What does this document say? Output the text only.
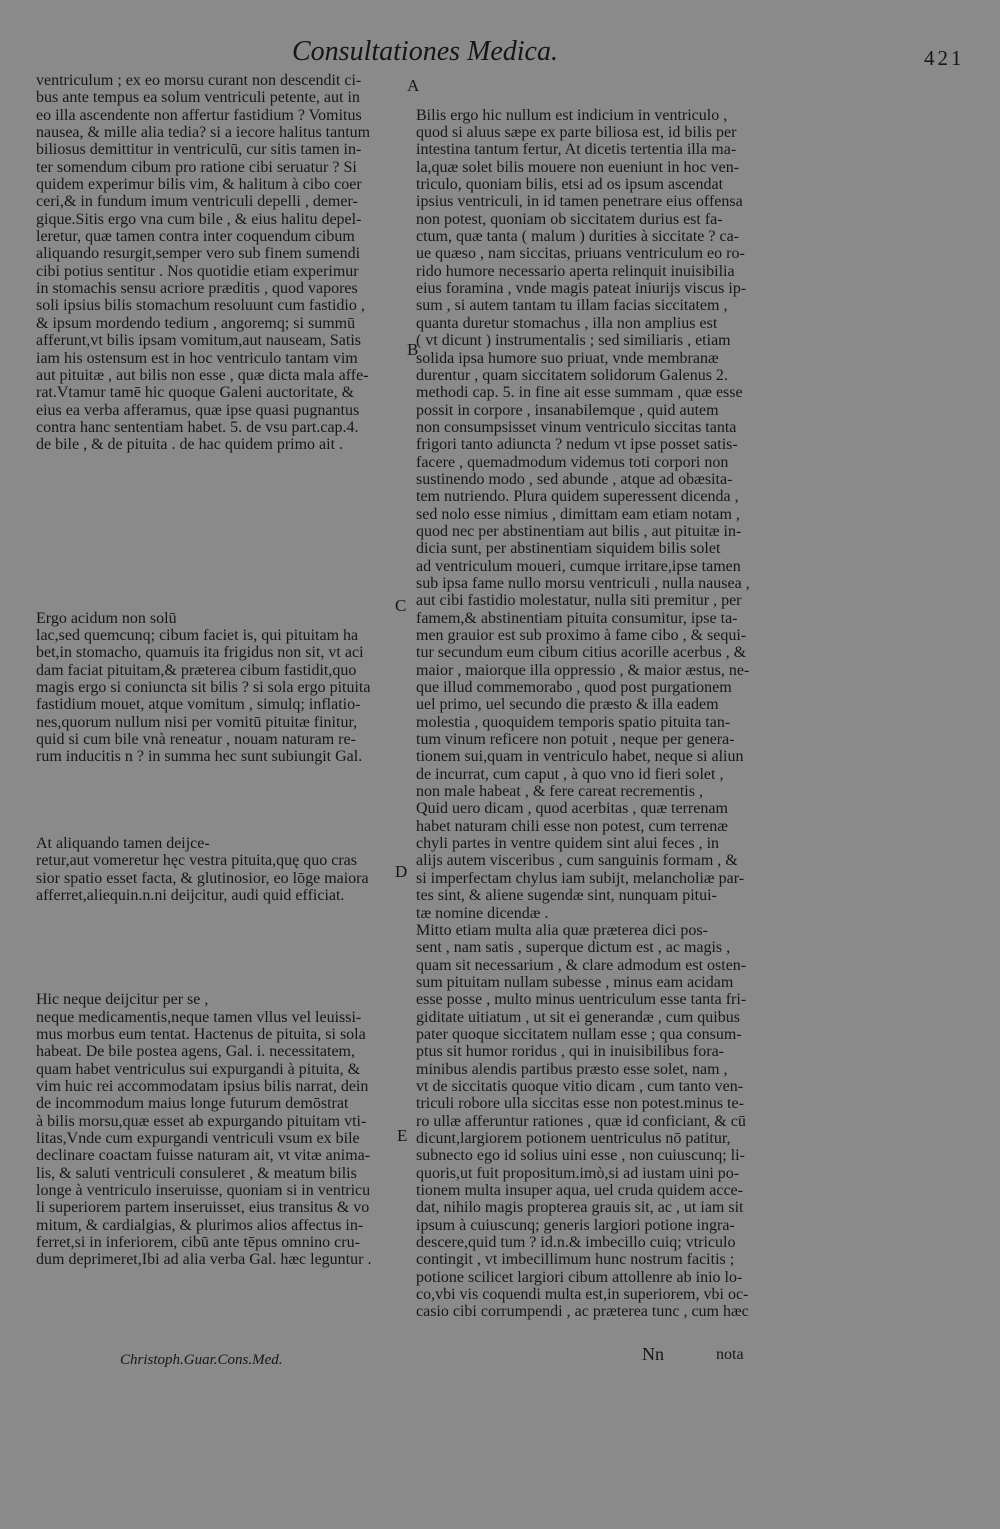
Consultationes Medica.	421
ventriculum ; ex eo morsu curant non descendit ci-
bus ante tempus ea solum ventriculi petente, aut in
eo illa ascendente non affertur fastidium ? Vomitus
nausea, & mille alia tedia? si a iecore halitus tantum
biliosus demittitur in ventriculū, cur sitis tamen in-
ter somendum cibum pro ratione cibi seruatur ? Si
quidem experimur bilis vim, & halitum à cibo coer
ceri,& in fundum imum ventriculi depelli , demer-
gique.Sitis ergo vna cum bile , & eius halitu depel-
leretur, quæ tamen contra inter coquendum cibum
aliquando resurgit,semper vero sub finem sumendi
cibi potius sentitur . Nos quotidie etiam experimur
in stomachis sensu acriore præditis , quod vapores
soli ipsius bilis stomachum resoluunt cum fastidio ,
& ipsum mordendo tedium , angoremq; si summū
afferunt,vt bilis ipsam vomitum,aut nauseam, Satis
iam his ostensum est in hoc ventriculo tantam vim
aut pituitæ , aut bilis non esse , quæ dicta mala affe-
rat.Vtamur tamē hic quoque Galeni auctoritate, &
eius ea verba afferamus, quæ ipse quasi pugnantus
contra hanc sententiam habet. 5. de vsu part.cap.4.
de bile , & de pituita . de hac quidem primo ait .
Ergo acidum non solū
lac,sed quemcunq; cibum faciet is, qui pituitam ha
bet,in stomacho, quamuis ita frigidus non sit, vt aci
dam faciat pituitam,& præterea cibum fastidit,quo
magis ergo si coniuncta sit bilis ? si sola ergo pituita
fastidium mouet, atque vomitum , simulq; inflatio-
nes,quorum nullum nisi per vomitū pituitæ finitur,
quid si cum bile vnà reneatur , nouam naturam re-
rum inducitis n ? in summa hec sunt subiungit Gal.
At aliquando tamen deijce-
retur,aut vomeretur hęc vestra pituita,quę quo cras
sior spatio esset facta, & glutinosior, eo lōge maiora
afferret,aliequin.n.ni deijcitur, audi quid efficiat.
Hic neque deijcitur per se ,
neque medicamentis,neque tamen vllus vel leuissi-
mus morbus eum tentat. Hactenus de pituita, si sola
habeat. De bile postea agens, Gal. i. necessitatem,
quam habet ventriculus sui expurgandi à pituita, &
vim huic rei accommodatam ipsius bilis narrat, dein
de incommodum maius longe futurum demōstrat
à bilis morsu,quæ esset ab expurgando pituitam vti-
litas,Vnde cum expurgandi ventriculi vsum ex bile
declinare coactam fuisse naturam ait, vt vitæ anima-
lis, & saluti ventriculi consuleret , & meatum bilis
longe à ventriculo inseruisse, quoniam si in ventricu
li superiorem partem inseruisset, eius transitus & vo
mitum, & cardialgias, & plurimos alios affectus in-
ferret,si in inferiorem, cibū ante tēpus omnino cru-
dum deprimeret,Ibi ad alia verba Gal. hæc leguntur .
Bilis ergo hic nullum est indicium in ventriculo ,
quod si aluus sæpe ex parte biliosa est, id bilis per
intestina tantum fertur, At dicetis tertentia illa ma-
la,quæ solet bilis mouere non eueniunt in hoc ven-
triculo, quoniam bilis, etsi ad os ipsum ascendat
ipsius ventriculi, in id tamen penetrare eius offensa
non potest, quoniam ob siccitatem durius est fa-
ctum, quæ tanta ( malum ) durities à siccitate ? ca-
ue quæso , nam siccitas, priuans ventriculum eo ro-
rido humore necessario aperta relinquit inuisibilia
eius foramina , vnde magis pateat iniurijs viscus ip-
sum , si autem tantam tu illam facias siccitatem ,
quanta duretur stomachus , illa non amplius est
( vt dicunt ) instrumentalis ; sed similiaris , etiam
solida ipsa humore suo priuat, vnde membranæ
durentur , quam siccitatem solidorum Galenus 2.
methodi cap. 5. in fine ait esse summam , quæ esse
possit in corpore , insanabilemque , quid autem
non consumpsisset vinum ventriculo siccitas tanta
frigori tanto adiuncta ? nedum vt ipse posset satis-
facere , quemadmodum videmus toti corpori non
sustinendo modo , sed abunde , atque ad obæsita-
tem nutriendo. Plura quidem superessent dicenda ,
sed nolo esse nimius , dimittam eam etiam notam ,
quod nec per abstinentiam aut bilis , aut pituitæ in-
dicia sunt, per abstinentiam siquidem bilis solet
ad ventriculum moueri, cumque irritare,ipse tamen
sub ipsa fame nullo morsu ventriculi , nulla nausea ,
aut cibi fastidio molestatur, nulla siti premitur , per
famem,& abstinentiam pituita consumitur, ipse ta-
men grauior est sub proximo à fame cibo , & sequi-
tur secundum eum cibum citius acorille acerbus , &
maior , maiorque illa oppressio , & maior æstus, ne-
que illud commemorabo , quod post purgationem
uel primo, uel secundo die præsto & illa eadem
molestia , quoquidem temporis spatio pituita tan-
tum vinum reficere non potuit , neque per genera-
tionem sui,quam in ventriculo habet, neque si aliun
de incurrat, cum caput , à quo vno id fieri solet ,
non male habeat , & fere careat recrementis ,
Quid uero dicam , quod acerbitas , quæ terrenam
habet naturam chili esse non potest, cum terrenæ
chyli partes in ventre quidem sint alui feces , in
alijs autem visceribus , cum sanguinis formam , &
si imperfectam chylus iam subijt, melancholiæ par-
tes sint, & aliene sugendæ sint, nunquam pitui-
tæ nomine dicendæ .
Mitto etiam multa alia quæ præterea dici pos-
sent , nam satis , superque dictum est , ac magis ,
quam sit necessarium , & clare admodum est osten-
sum pituitam nullam subesse , minus eam acidam
esse posse , multo minus uentriculum esse tanta fri-
giditate uitiatum , ut sit ei generandæ , cum quibus
pater quoque siccitatem nullam esse ; qua consum-
ptus sit humor roridus , qui in inuisibilibus fora-
minibus alendis partibus præsto esse solet, nam ,
vt de siccitatis quoque vitio dicam , cum tanto ven-
triculi robore ulla siccitas esse non potest.minus te-
ro ullæ afferuntur rationes , quæ id conficiant, & cū
dicunt,largiorem potionem uentriculus nō patitur,
subnecto ego id solius uini esse , non cuiuscunq; li-
quoris,ut fuit propositum.imò,si ad iustam uini po-
tionem multa insuper aqua, uel cruda quidem acce-
dat, nihilo magis propterea grauis sit, ac , ut iam sit
ipsum à cuiuscunq; generis largiori potione ingra-
descere,quid tum ? id.n.& imbecillo cuiq; vtriculo
contingit , vt imbecillimum hunc nostrum facitis ;
potione scilicet largiori cibum attollenre ab inio lo-
co,vbi vis coquendi multa est,in superiorem, vbi oc-
casio cibi corrumpendi , ac præterea tunc , cum hæc
A
B
C
D
E
Christoph.Guar.Cons.Med.	Nn	nota
